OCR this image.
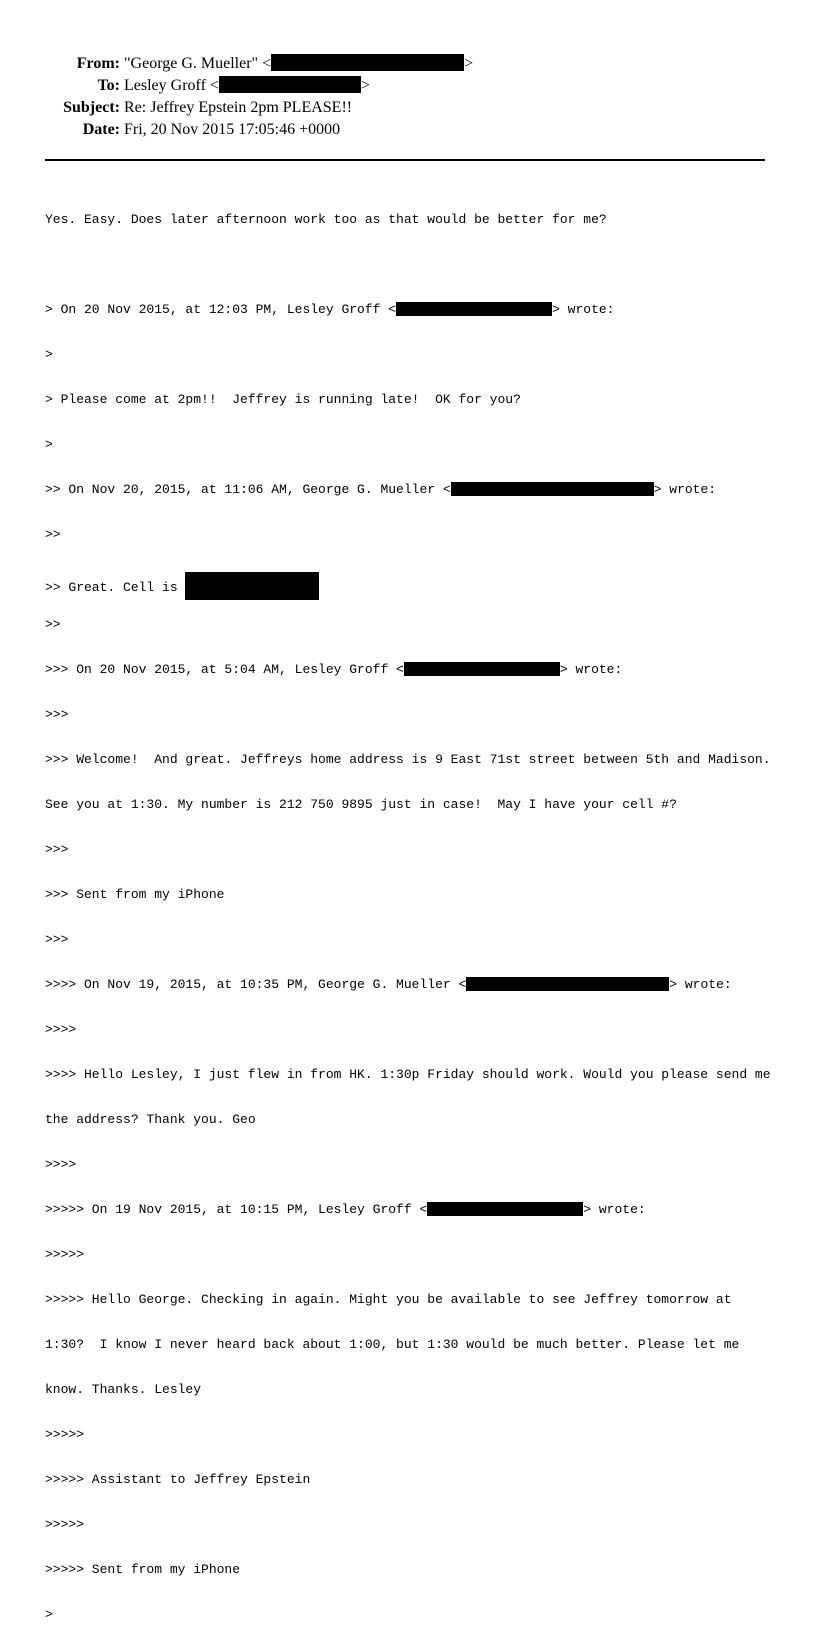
From: "George G. Mueller" <	>
To: Lesley Groff <	>
Subject: Re: Jeffrey Epstein 2pm PLEASE!!
Date: Fri, 20 Nov 2015 17:05:46 +0000

Yes. Easy. Does later afternoon work too as that would be better for me?

> On 20 Nov 2015, at 12:03 PM, Lesley Groff <	> wrote:

>

> Please come at 2pm!!  Jeffrey is running late!  OK for you?

>

>> On Nov 20, 2015, at 11:06 AM, George G. Mueller <	> wrote:

>>

>> Great. Cell is

>>

>>> On 20 Nov 2015, at 5:04 AM, Lesley Groff <	> wrote:

>>>

>>> Welcome!  And great. Jeffreys home address is 9 East 71st street between 5th and Madison.

See you at 1:30. My number is 212 750 9895 just in case!  May I have your cell #?

>>>

>>> Sent from my iPhone

>>>

>>>> On Nov 19, 2015, at 10:35 PM, George G. Mueller <	> wrote:

>>>>

>>>> Hello Lesley, I just flew in from HK. 1:30p Friday should work. Would you please send me

the address? Thank you. Geo

>>>>

>>>>> On 19 Nov 2015, at 10:15 PM, Lesley Groff <	> wrote:

>>>>>

>>>>> Hello George. Checking in again. Might you be available to see Jeffrey tomorrow at

1:30?  I know I never heard back about 1:00, but 1:30 would be much better. Please let me

know. Thanks. Lesley

>>>>>

>>>>> Assistant to Jeffrey Epstein

>>>>>

>>>>> Sent from my iPhone

>
